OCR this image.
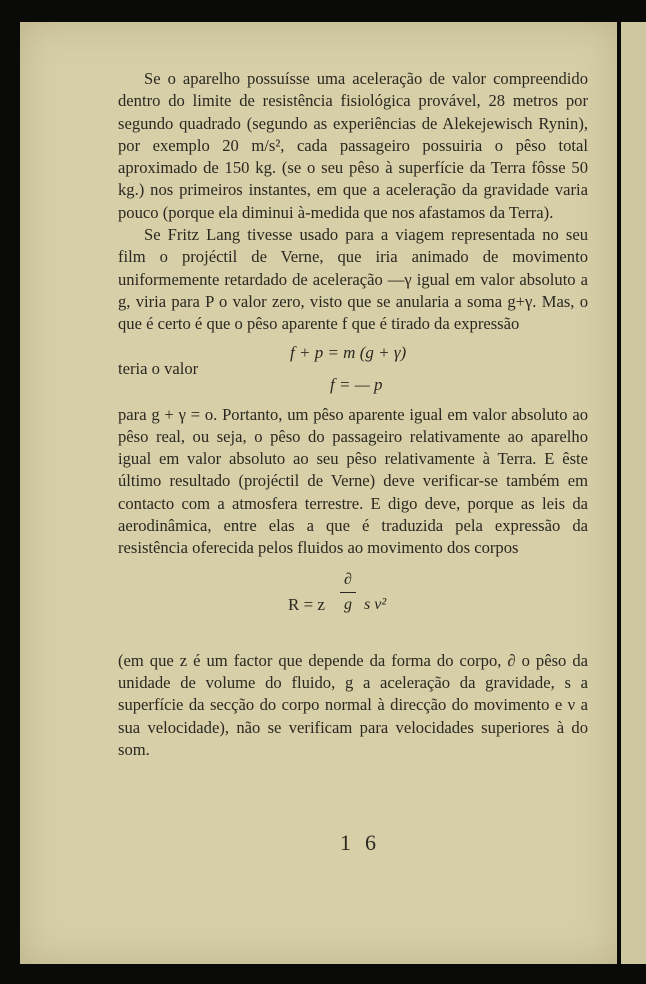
Se o aparelho possuísse uma aceleração de valor compreendido dentro do limite de resistência fisiológica provável, 28 metros por segundo quadrado (segundo as experiências de Alekejewisch Rynin), por exemplo 20 m/s², cada passageiro possuiria o pêso total aproximado de 150 kg. (se o seu pêso à superfície da Terra fôsse 50 kg.) nos primeiros instantes, em que a aceleração da gravidade varia pouco (porque ela diminui à-medida que nos afastamos da Terra).

Se Fritz Lang tivesse usado para a viagem representada no seu film o projéctil de Verne, que iria animado de movimento uniformemente retardado de aceleração —γ igual em valor absoluto a g, viria para P o valor zero, visto que se anularia a soma g+γ. Mas, o que é certo é que o pêso aparente f que é tirado da expressão

f + p = m (g + γ)
teria o valor
f = — p

para g + γ = o. Portanto, um pêso aparente igual em valor absoluto ao pêso real, ou seja, o pêso do passageiro relativamente ao aparelho igual em valor absoluto ao seu pêso relativamente à Terra. E êste último resultado (projéctil de Verne) deve verificar-se também em contacto com a atmosfera terrestre. E digo deve, porque as leis da aerodinâmica, entre elas a que é traduzida pela expressão da resistência oferecida pelos fluidos ao movimento dos corpos

R = z
∂
g s ν²

(em que z é um factor que depende da forma do corpo, ∂ o pêso da unidade de volume do fluido, g a aceleração da gravidade, s a superfície da secção do corpo normal à direcção do movimento e ν a sua velocidade), não se verificam para velocidades superiores à do som.

16
